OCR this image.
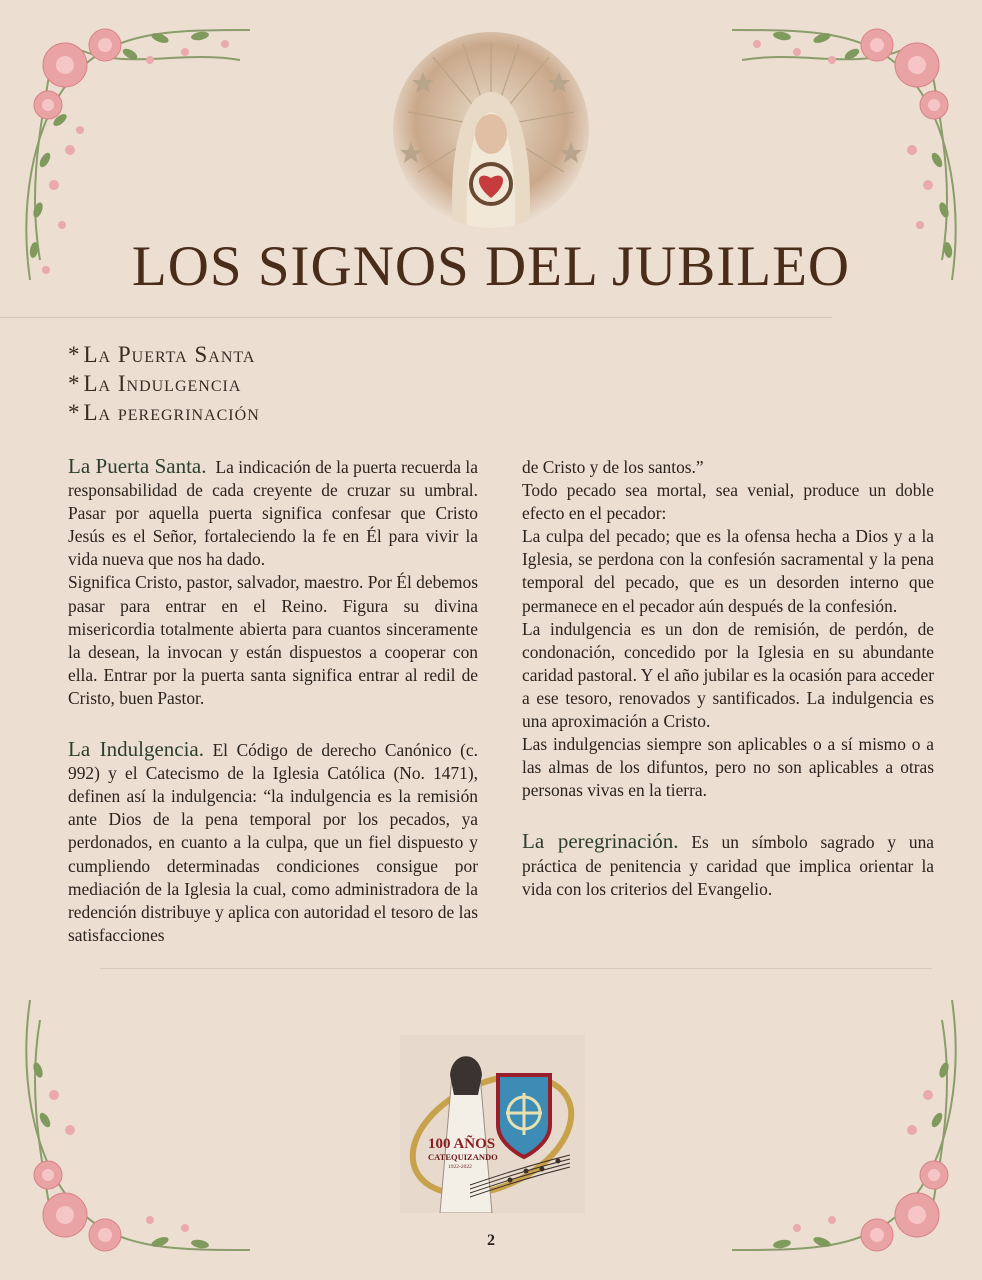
LOS SIGNOS DEL JUBILEO
* La Puerta Santa
* La Indulgencia
* La peregrinación

La Puerta Santa. La indicación de la puerta recuerda la responsabilidad de cada creyente de cruzar su umbral. Pasar por aquella puerta significa confesar que Cristo Jesús es el Señor, fortaleciendo la fe en Él para vivir la vida nueva que nos ha dado.

Significa Cristo, pastor, salvador, maestro. Por Él debemos pasar para entrar en el Reino. Figura su divina misericordia totalmente abierta para cuantos sinceramente la desean, la invocan y están dispuestos a cooperar con ella. Entrar por la puerta santa significa entrar al redil de Cristo, buen Pastor.

La Indulgencia. El Código de derecho Canónico (c. 992) y el Catecismo de la Iglesia Católica (No. 1471), definen así la indulgencia: “la indulgencia es la remisión ante Dios de la pena temporal por los pecados, ya perdonados, en cuanto a la culpa, que un fiel dispuesto y cumpliendo determinadas condiciones consigue por mediación de la Iglesia la cual, como administradora de la redención distribuye y aplica con autoridad el tesoro de las satisfacciones

de Cristo y de los santos.”

Todo pecado sea mortal, sea venial, produce un doble efecto en el pecador:

La culpa del pecado; que es la ofensa hecha a Dios y a la Iglesia, se perdona con la confesión sacramental y la pena temporal del pecado, que es un desorden interno que permanece en el pecador aún después de la confesión.

La indulgencia es un don de remisión, de perdón, de condonación, concedido por la Iglesia en su abundante caridad pastoral. Y el año jubilar es la ocasión para acceder a ese tesoro, renovados y santificados. La indulgencia es una aproximación a Cristo.

Las indulgencias siempre son aplicables o a sí mismo o a las almas de los difuntos, pero no son aplicables a otras personas vivas en la tierra.

La peregrinación. Es un símbolo sagrado y una práctica de penitencia y caridad que implica orientar la vida con los criterios del Evangelio.

100 AÑOS
CATEQUIZANDO
1922-2022
2
